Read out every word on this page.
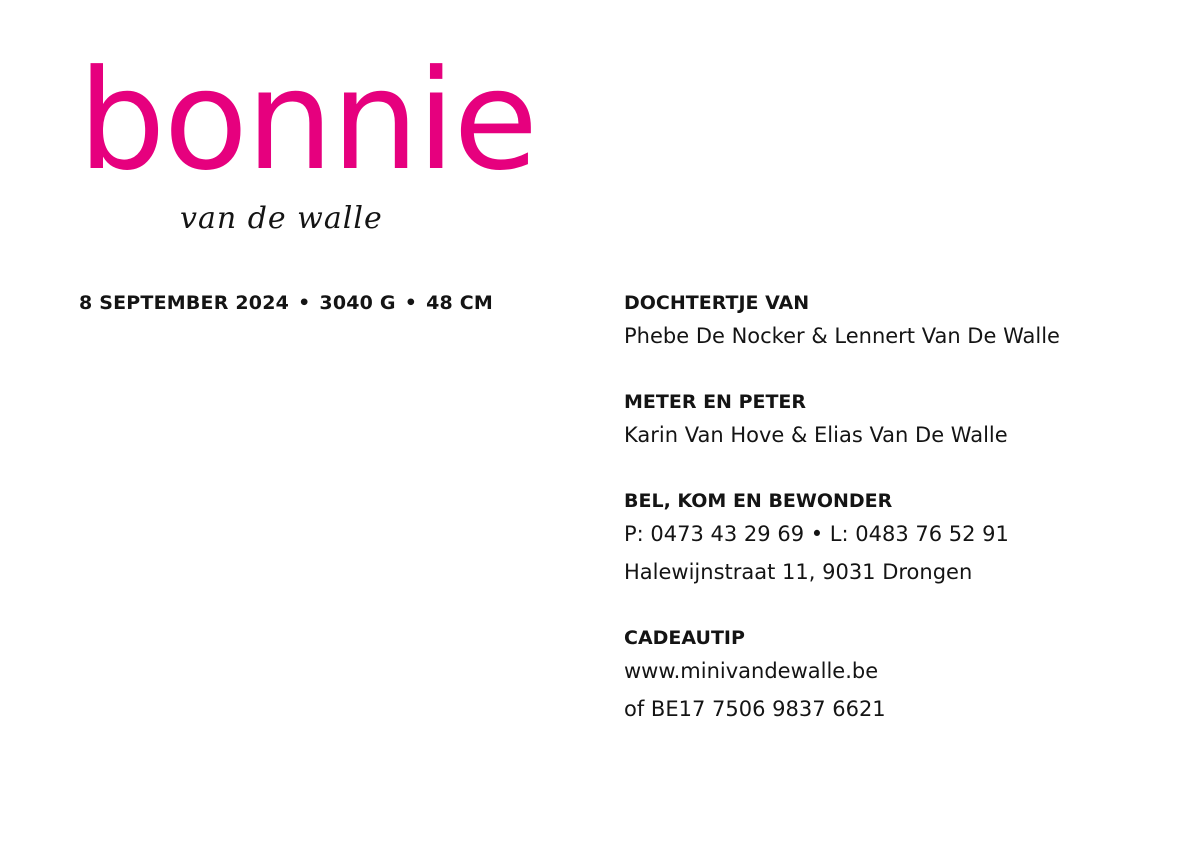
bonnie
van de walle
8 SEPTEMBER 2024 • 3040 G • 48 CM	DOCHTERTJE VAN
Phebe De Nocker & Lennert Van De Walle
METER EN PETER
Karin Van Hove & Elias Van De Walle
BEL, KOM EN BEWONDER
P: 0473 43 29 69 • L: 0483 76 52 91
Halewijnstraat 11, 9031 Drongen
CADEAUTIP
www.minivandewalle.be
of BE17 7506 9837 6621
